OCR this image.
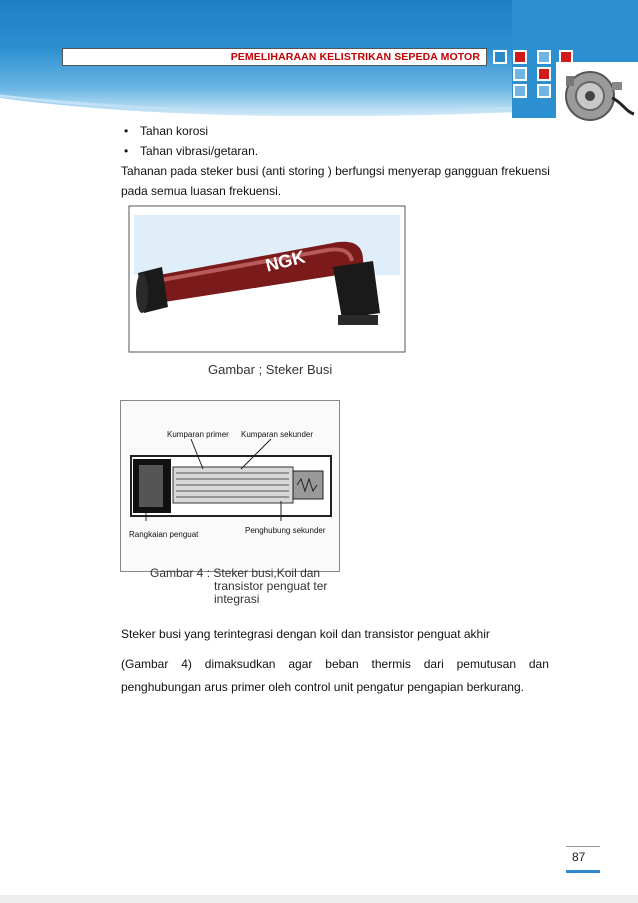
PEMELIHARAAN KELISTRIKAN SEPEDA MOTOR
• Tahan korosi
• Tahan vibrasi/getaran.
Tahanan pada steker busi (anti storing ) berfungsi menyerap gangguan frekuensi
pada semua luasan frekuensi.
NGK
Gambar ; Steker Busi
Kumparan primer Kumparan sekunder
Rangkaian penguat	Penghubung sekunder
Gambar 4 : Steker busi,Koil dan
transistor penguat ter
integrasi
Steker busi yang terintegrasi dengan koil dan transistor penguat akhir
(Gambar 4) dimaksudkan agar beban thermis dari pemutusan dan
penghubungan arus primer oleh control unit pengatur pengapian berkurang.
87
